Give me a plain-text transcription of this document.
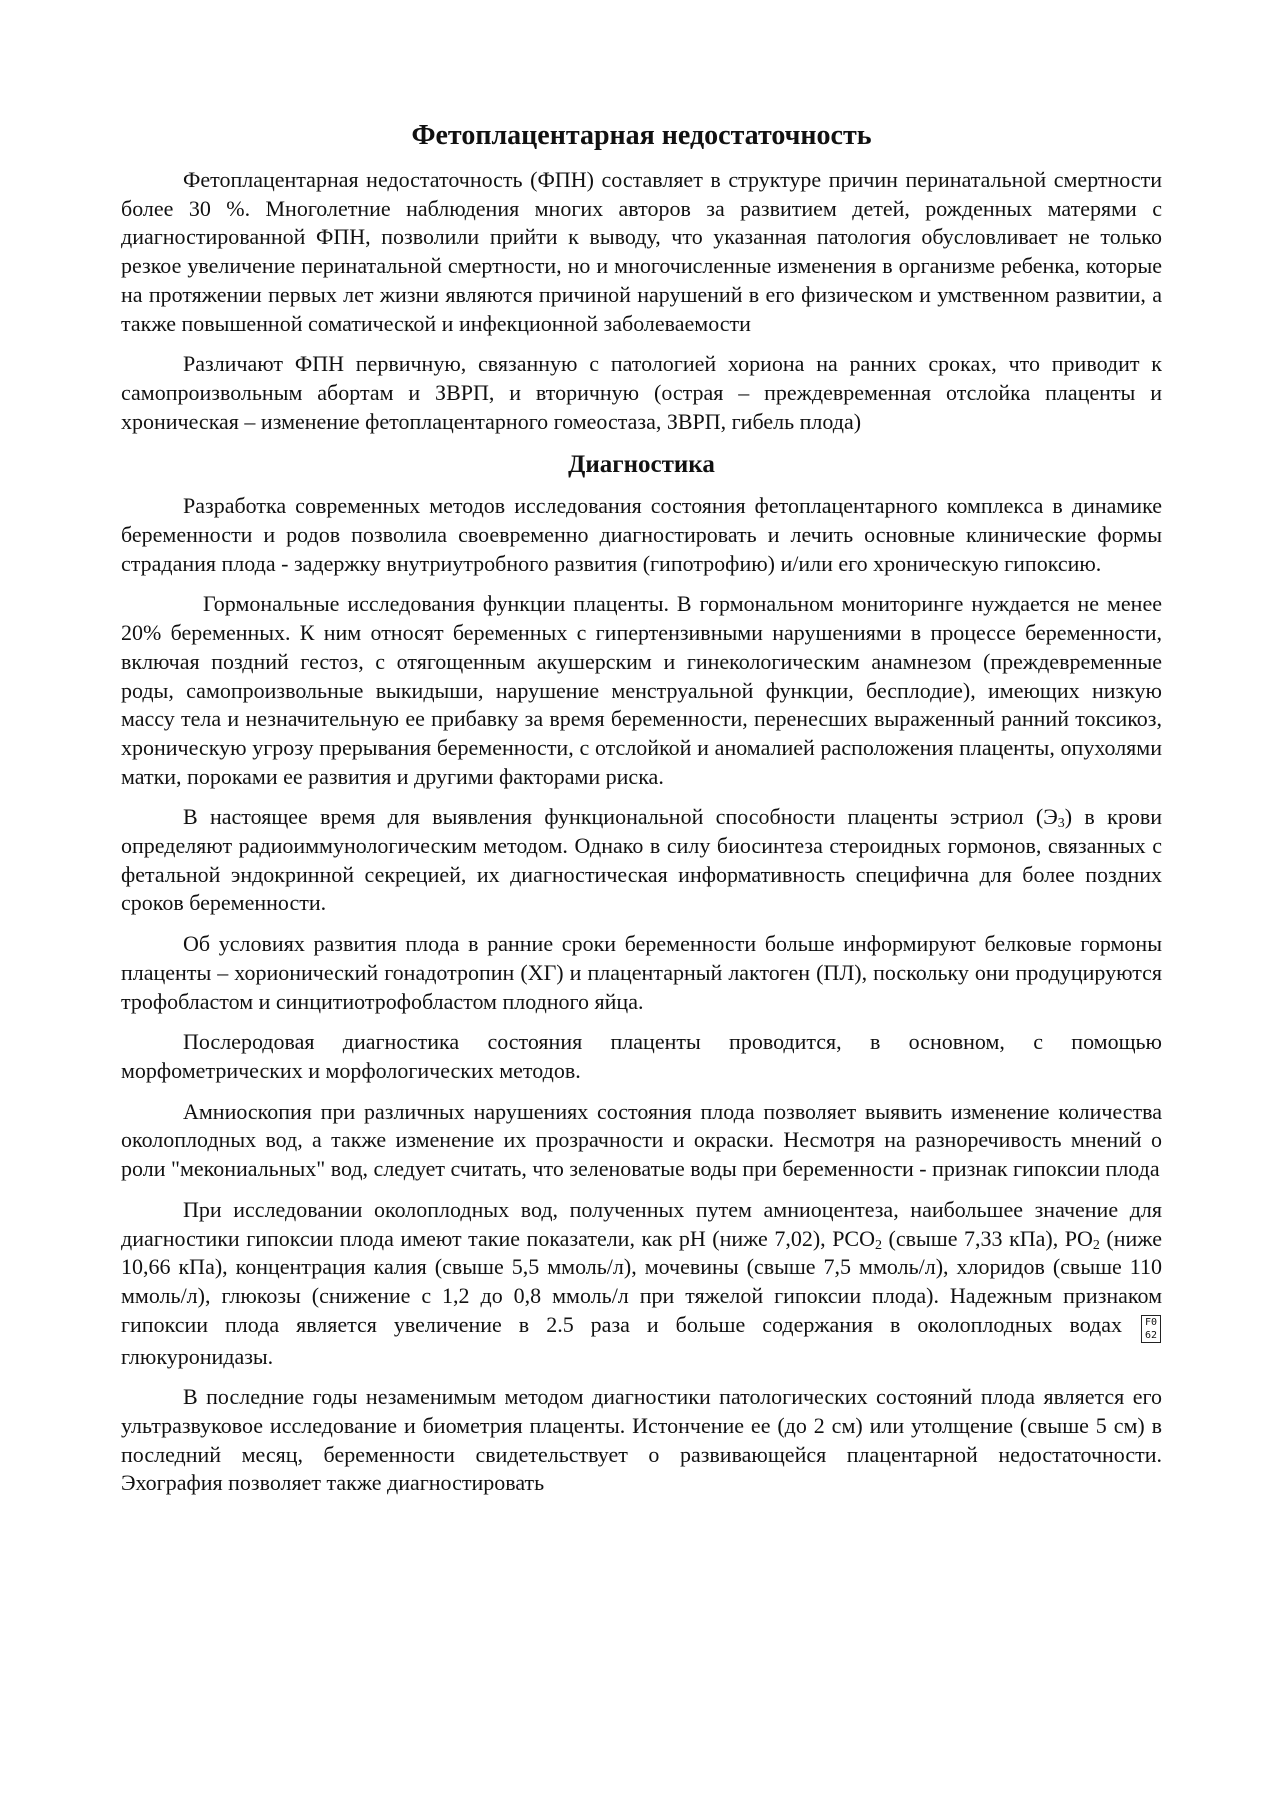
Фетоплацентарная недостаточность

Фетоплацентарная недостаточность (ФПН) составляет в структуре причин перинатальной смертности более 30 %. Многолетние наблюдения многих авторов за развитием детей, рожденных матерями с диагностированной ФПН, позволили прийти к выводу, что указанная патология обусловливает не только резкое увеличение перинатальной смертности, но и многочисленные изменения в организме ребенка, которые на протяжении первых лет жизни являются причиной нарушений в его физическом и умственном развитии, а также повышенной соматической и инфекционной заболеваемости

Различают ФПН первичную, связанную с патологией хориона на ранних сроках, что приводит к самопроизвольным абортам и ЗВРП, и вторичную (острая – преждевременная отслойка плаценты и хроническая – изменение фетоплацентарного гомеостаза, ЗВРП, гибель плода)

Диагностика

Разработка современных методов исследования состояния фетоплацентарного комплекса в динамике беременности и родов позволила своевременно диагностировать и лечить основные клинические формы страдания плода - задержку внутриутробного развития (гипотрофию) и/или его хроническую гипоксию.

Гормональные исследования функции плаценты. В гормональном мониторинге нуждается не менее 20% беременных. К ним относят беременных с гипертензивными нарушениями в процессе беременности, включая поздний гестоз, с отягощенным акушерским и гинекологическим анамнезом (преждевременные роды, самопроизвольные выкидыши, нарушение менструальной функции, бесплодие), имеющих низкую массу тела и незначительную ее прибавку за время беременности, перенесших выраженный ранний токсикоз, хроническую угрозу прерывания беременности, с отслойкой и аномалией расположения плаценты, опухолями матки, пороками ее развития и другими факторами риска.

В настоящее время для выявления функциональной способности плаценты эстриол $(Э_3)$ в крови определяют радиоиммунологическим методом. Однако в силу биосинтеза стероидных гормонов, связанных с фетальной эндокринной секрецией, их диагностическая информативность специфична для более поздних сроков беременности.

Об условиях развития плода в ранние сроки беременности больше информируют белковые гормоны плаценты – хорионический гонадотропин (ХГ) и плацентарный лактоген (ПЛ), поскольку они продуцируются трофобластом и синцитиотрофобластом плодного яйца.

Послеродовая диагностика состояния плаценты проводится, в основном, с помощью морфометрических и морфологических методов.

Амниоскопия при различных нарушениях состояния плода позволяет выявить изменение количества околоплодных вод, а также изменение их прозрачности и окраски. Несмотря на разноречивость мнений о роли "мекониальных" вод, следует считать, что зеленоватые воды при беременности - признак гипоксии плода

При исследовании околоплодных вод, полученных путем амниоцентеза, наибольшее значение для диагностики гипоксии плода имеют такие показатели, как pH (ниже 7,02), $PCO_2$ (свыше 7,33 кПа), $PO_2$ (ниже 10,66 кПа), концентрация калия (свыше 5,5 ммоль/л), мочевины (свыше 7,5 ммоль/л), хлоридов (свыше 110 ммоль/л), глюкозы (снижение с 1,2 до 0,8 ммоль/л при тяжелой гипоксии плода). Надежным признаком гипоксии плода является увеличение в 2.5 раза и больше содержания в околоплодных водах F0
62
глюкуронидазы.

В последние годы незаменимым методом диагностики патологических состояний плода является его ультразвуковое исследование и биометрия плаценты. Истончение ее (до 2 см) или утолщение (свыше 5 см) в последний месяц, беременности свидетельствует о развивающейся плацентарной недостаточности. Эхография позволяет также диагностировать
